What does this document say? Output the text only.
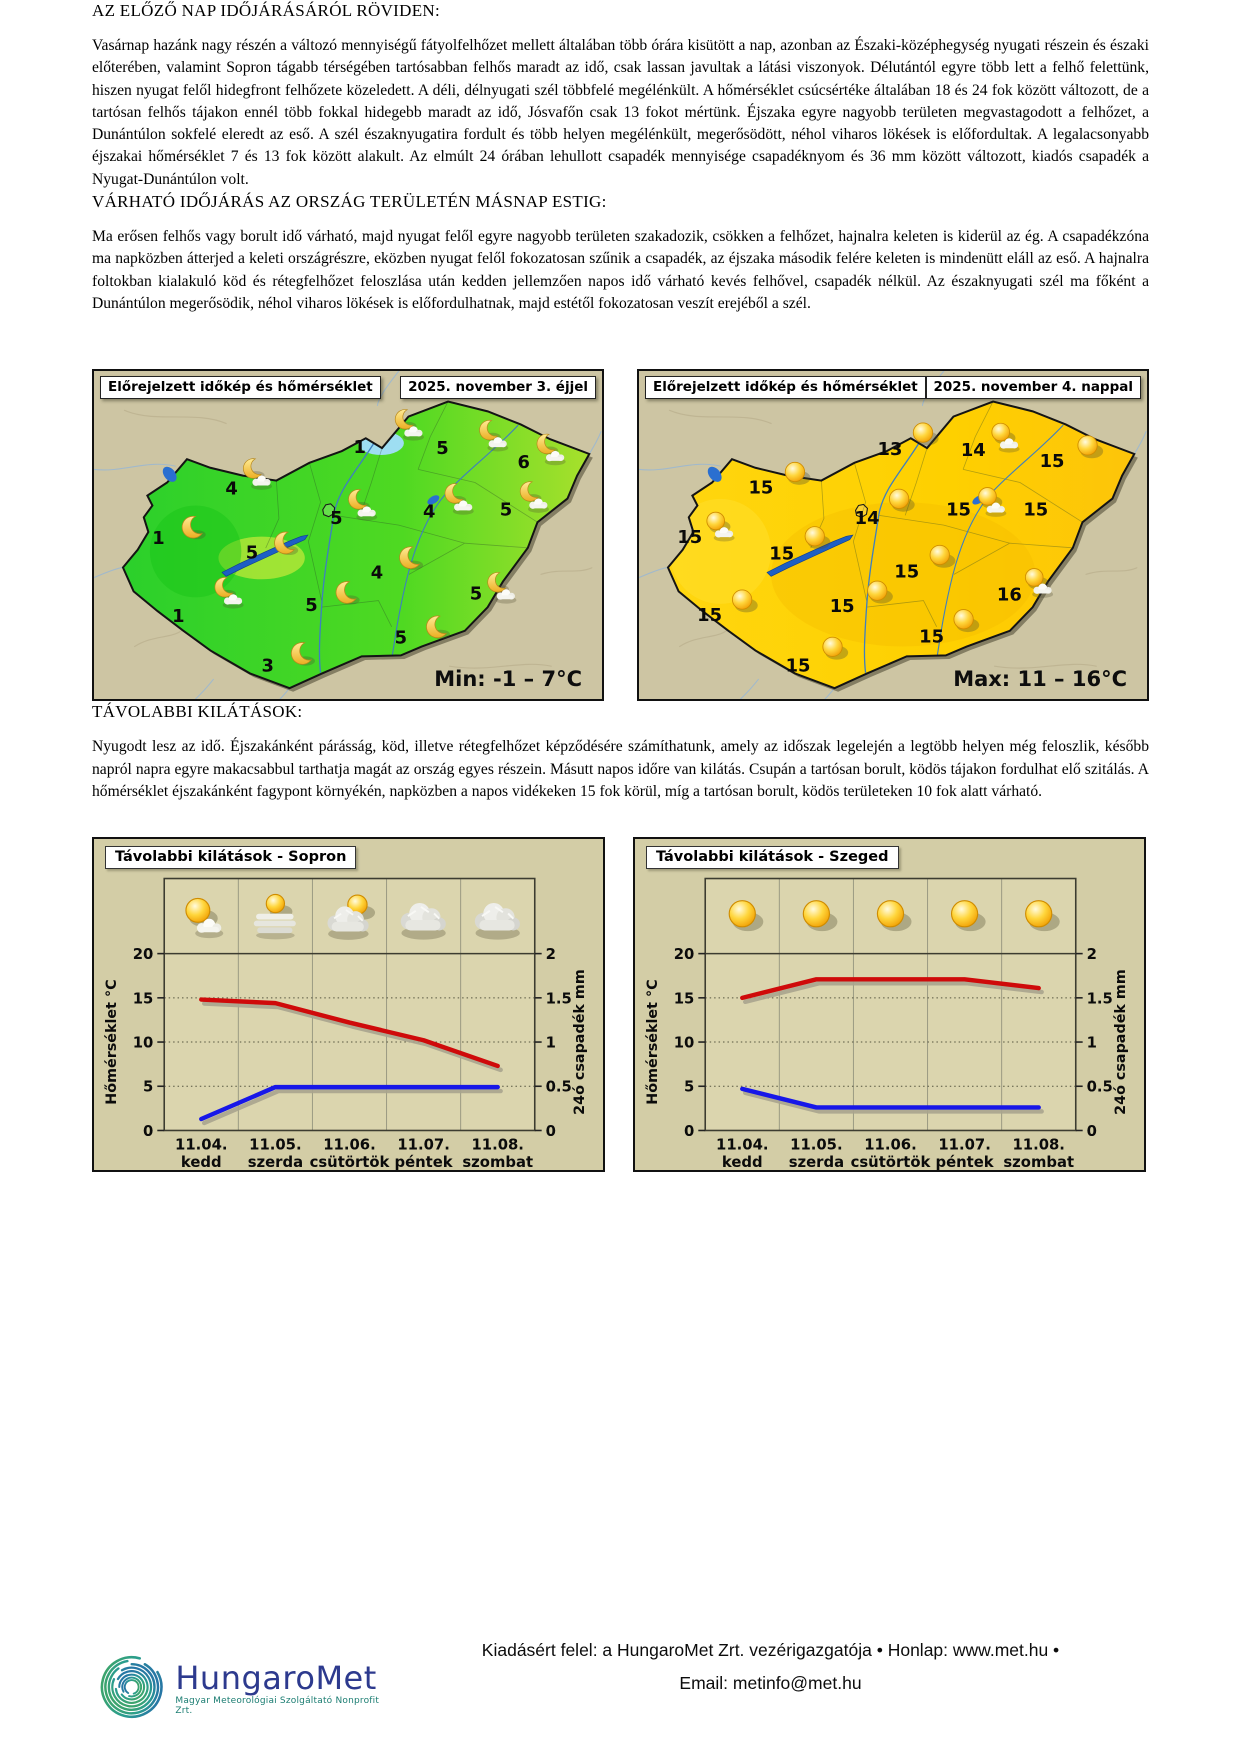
AZ ELŐZŐ NAP IDŐJÁRÁSÁRÓL RÖVIDEN:

Vasárnap hazánk nagy részén a változó mennyiségű fátyolfelhőzet mellett általában több órára kisütött a nap, azonban az Északi-középhegység nyugati részein és északi előterében, valamint Sopron tágabb térségében tartósabban felhős maradt az idő, csak lassan javultak a látási viszonyok. Délutántól egyre több lett a felhő felettünk, hiszen nyugat felől hidegfront felhőzete közeledett. A déli, délnyugati szél többfelé megélénkült. A hőmérséklet csúcsértéke általában 18 és 24 fok között változott, de a tartósan felhős tájakon ennél több fokkal hidegebb maradt az idő, Jósvafőn csak 13 fokot mértünk. Éjszaka egyre nagyobb területen megvastagodott a felhőzet, a Dunántúlon sokfelé eleredt az eső. A szél északnyugatira fordult és több helyen megélénkült, megerősödött, néhol viharos lökések is előfordultak. A legalacsonyabb éjszakai hőmérséklet 7 és 13 fok között alakult. Az elmúlt 24 órában lehullott csapadék mennyisége csapadéknyom és 36 mm között változott, kiadós csapadék a Nyugat-Dunántúlon volt.

VÁRHATÓ IDŐJÁRÁS AZ ORSZÁG TERÜLETÉN MÁSNAP ESTIG:

Ma erősen felhős vagy borult idő várható, majd nyugat felől egyre nagyobb területen szakadozik, csökken a felhőzet, hajnalra keleten is kiderül az ég. A csapadékzóna ma napközben átterjed a keleti országrészre, eközben nyugat felől fokozatosan szűnik a csapadék, az éjszaka második felére keleten is mindenütt eláll az eső. A hajnalra foltokban kialakuló köd és rétegfelhőzet feloszlása után kedden jellemzően napos idő várható kevés felhővel, csapadék nélkül. Az északnyugati szél ma főként a Dunántúlon megerősödik, néhol viharos lökések is előfordulhatnak, majd estétől fokozatosan veszít erejéből a szél.

1	5
6
4
5	4	5
1
5
4
5
1
5
5
3
Előrejelzett időkép és hőmérséklet	2025. november 3. éjjel
Min: -1 – 7°C
13	14
15
15
14	15	15
15
15
15
16
15	15
15
15
Előrejelzett időkép és hőmérséklet	2025. november 4. nappal
Max: 11 – 16°C
TÁVOLABBI KILÁTÁSOK:

Nyugodt lesz az idő. Éjszakánként párásság, köd, illetve rétegfelhőzet képződésére számíthatunk, amely az időszak legelején a legtöbb helyen még feloszlik, később napról napra egyre makacsabbul tarthatja magát az ország egyes részein. Másutt napos időre van kilátás. Csupán a tartósan borult, ködös tájakon fordulhat elő szitálás. A hőmérséklet éjszakánként fagypont környékén, napközben a napos vidékeken 15 fok körül, míg a tartósan borult, ködös területeken 10 fok alatt várható.

0
5
10
15
20
Hőmérséklet °C
0
0.5
1
1.5
2
24ó csapadék mm
11.04.
kedd
11.05.
szerda
11.06.
csütörtök
11.07.
péntek
11.08.
szombat
Távolabbi kilátások - Sopron
0
5
10
15
20
Hőmérséklet °C
0
0.5
1
1.5
2
24ó csapadék mm
11.04.
kedd
11.05.
szerda
11.06.
csütörtök
11.07.
péntek
11.08.
szombat
Távolabbi kilátások - Szeged
HungaroMet
Magyar Meteorológiai Szolgáltató Nonprofit Zrt.
Kiadásért felel: a HungaroMet Zrt. vezérigazgatója • Honlap: www.met.hu •
Email: metinfo@met.hu
